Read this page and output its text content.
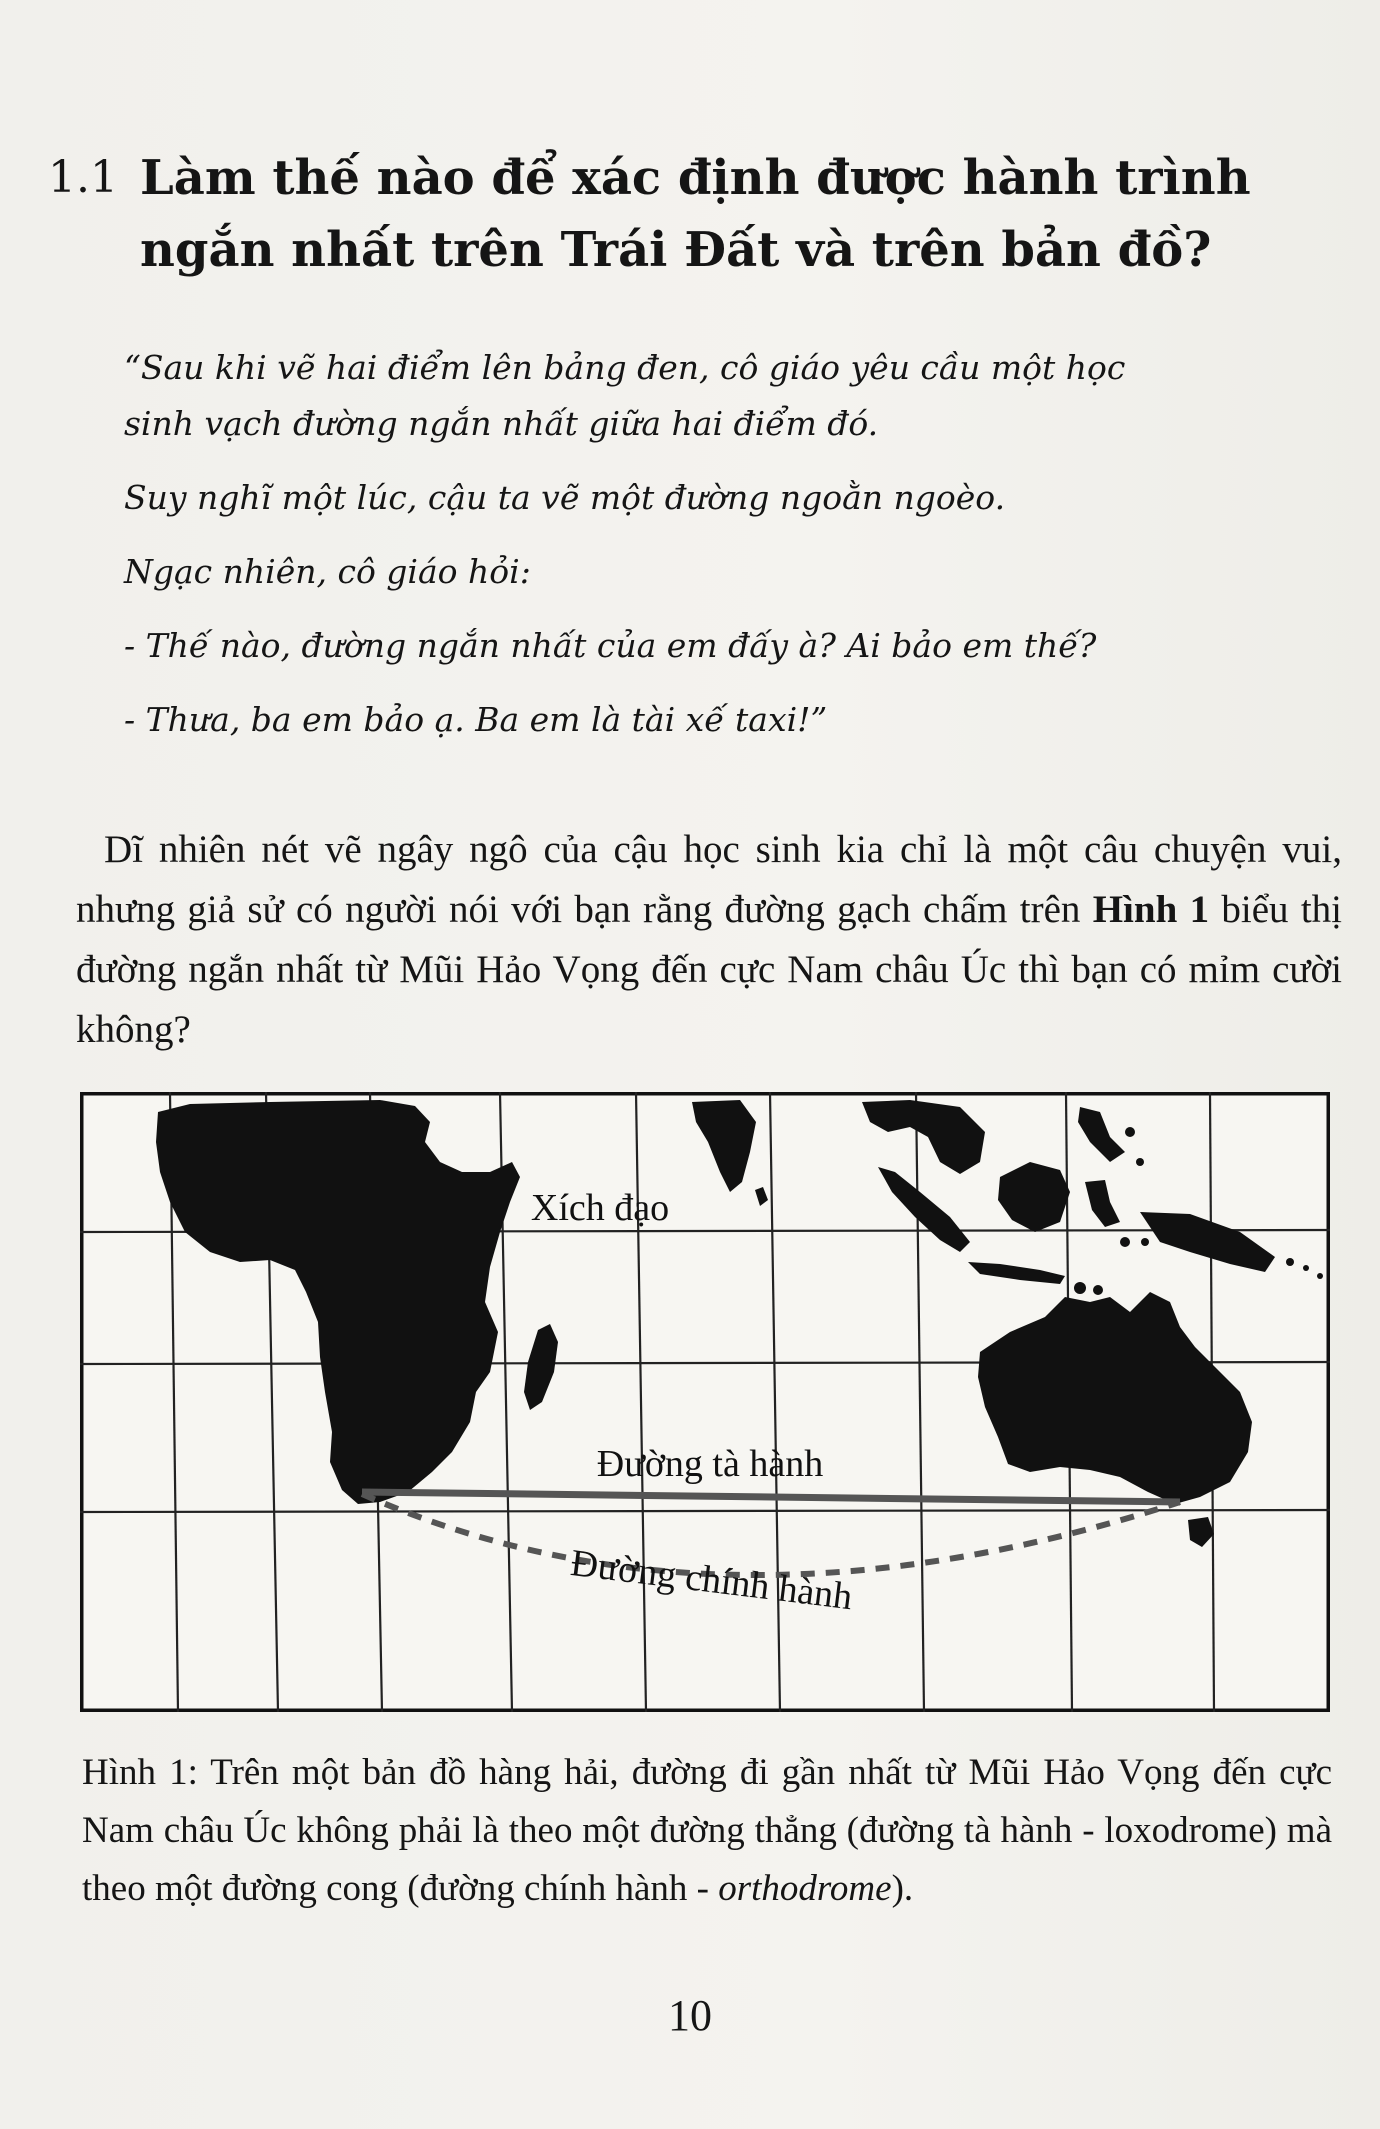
1.1 Làm thế nào để xác định được hành trình
ngắn nhất trên Trái Đất và trên bản đồ?

“Sau khi vẽ hai điểm lên bảng đen, cô giáo yêu cầu một học

sinh vạch đường ngắn nhất giữa hai điểm đó.

Suy nghĩ một lúc, cậu ta vẽ một đường ngoằn ngoèo.

Ngạc nhiên, cô giáo hỏi:

- Thế nào, đường ngắn nhất của em đấy à? Ai bảo em thế?

- Thưa, ba em bảo ạ. Ba em là tài xế taxi!”

Dĩ nhiên nét vẽ ngây ngô của cậu học sinh kia chỉ là một câu chuyện vui, nhưng giả sử có người nói với bạn rằng đường gạch chấm trên Hình 1 biểu thị đường ngắn nhất từ Mũi Hảo Vọng đến cực Nam châu Úc thì bạn có mỉm cười không?

Xích đạo
Đường tà hành
Đường chính hành

Hình 1: Trên một bản đồ hàng hải, đường đi gần nhất từ Mũi Hảo Vọng đến cực Nam châu Úc không phải là theo một đường thẳng (đường tà hành - loxodrome) mà theo một đường cong (đường chính hành - orthodrome).

10
